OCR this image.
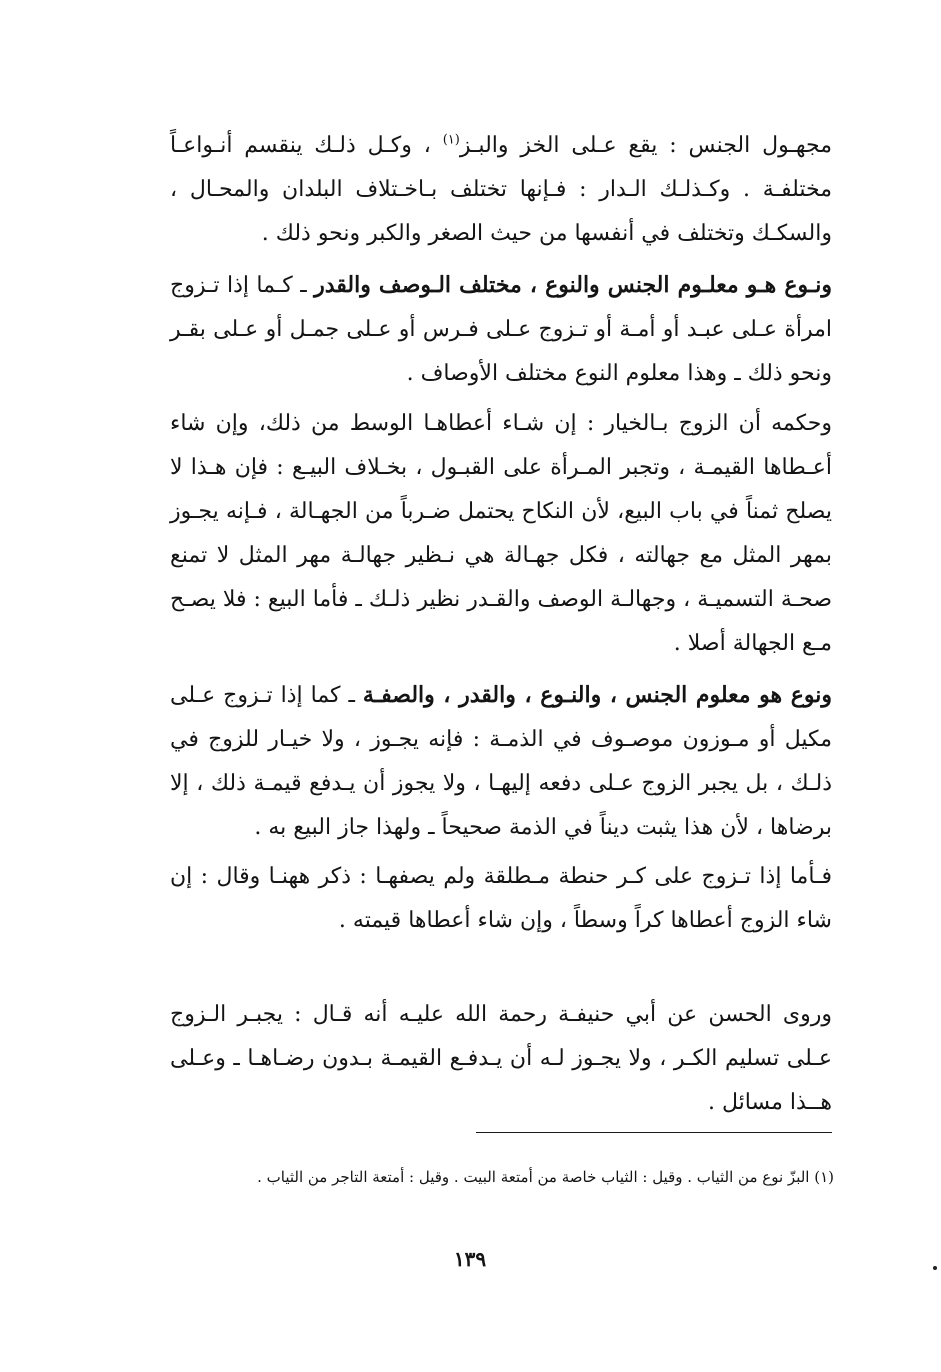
مجهـول الجنس : يقع عـلى الخز والبـز$^{(١)}$ ، وكـل ذلـك ينقسم أنـواعـاً مختلفـة . وكـذلـك الـدار : فـإنها تختلف بـاخـتلاف البلدان والمحـال ، والسكـك وتختلف في أنفسها من حيث الصغر والكبر ونحو ذلك .

ونـوع هـو معلـوم الجنس والنوع ، مختلف الـوصف والقدر ـ كـما إذا تـزوج امرأة عـلى عبـد أو أمـة أو تـزوج عـلى فـرس أو عـلى جمـل أو عـلى بقـر ونحو ذلك ـ وهذا معلوم النوع مختلف الأوصاف .

وحكمه أن الزوج بـالخيار : إن شـاء أعطاهـا الوسط من ذلك، وإن شاء أعـطاها القيمـة ، وتجبر المـرأة على القبـول ، بخـلاف البيـع : فإن هـذا لا يصلح ثمناً في باب البيع، لأن النكاح يحتمل ضـرباً من الجهـالة ، فـإنه يجـوز بمهر المثل مع جهالته ، فكل جهـالة هي نـظير جهالـة مهر المثل لا تمنع صحـة التسميـة ، وجهالـة الوصف والقـدر نظير ذلـك ـ فأما البيع : فلا يصـح مـع الجهالة أصلا .

ونوع هو معلوم الجنس ، والنـوع ، والقدر ، والصفـة ـ كما إذا تـزوج عـلى مكيل أو مـوزون موصـوف في الذمـة : فإنه يجـوز ، ولا خيـار للزوج في ذلـك ، بل يجبر الزوج عـلى دفعه إليهـا ، ولا يجوز أن يـدفع قيمـة ذلك ، إلا برضاها ، لأن هذا يثبت ديناً في الذمة صحيحاً ـ ولهذا جاز البيع به .

فـأما إذا تـزوج على كـر حنطة مـطلقة ولم يصفهـا : ذكر ههنـا وقال : إن شاء الزوج أعطاها كراً وسطاً ، وإن شاء أعطاها قيمته .

وروى الحسن عن أبي حنيفـة رحمة الله عليـه أنه قـال : يجبـر الـزوج عـلى تسليم الكـر ، ولا يجـوز لـه أن يـدفـع القيمـة بـدون رضـاهـا ـ وعـلى هــذا مسائل .

(١) البزّ نوع من الثياب . وقيل : الثياب خاصة من أمتعة البيت . وقيل : أمتعة التاجر من الثياب .
١٣٩
